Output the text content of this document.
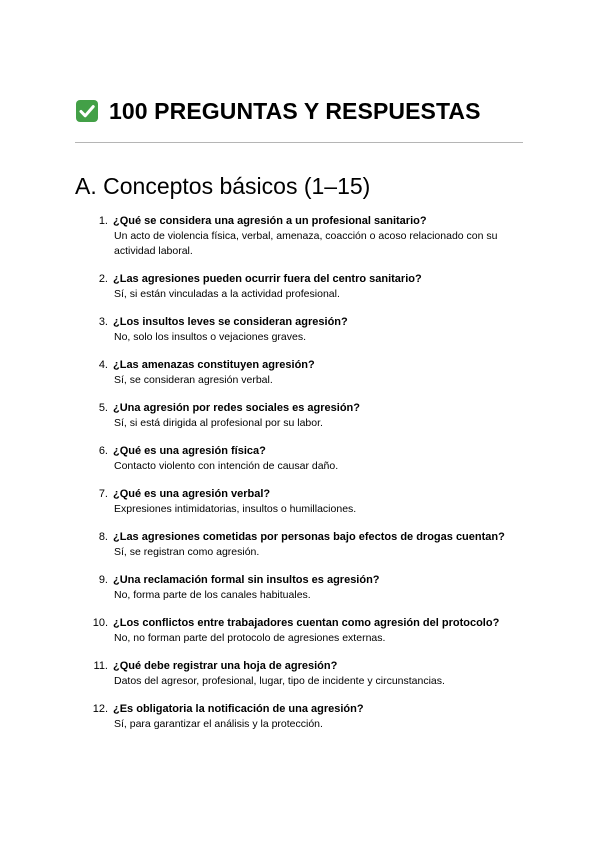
100 PREGUNTAS Y RESPUESTAS
A. Conceptos básicos (1–15)
1. ¿Qué se considera una agresión a un profesional sanitario?
Un acto de violencia física, verbal, amenaza, coacción o acoso relacionado con su actividad laboral.
2. ¿Las agresiones pueden ocurrir fuera del centro sanitario?
Sí, si están vinculadas a la actividad profesional.
3. ¿Los insultos leves se consideran agresión?
No, solo los insultos o vejaciones graves.
4. ¿Las amenazas constituyen agresión?
Sí, se consideran agresión verbal.
5. ¿Una agresión por redes sociales es agresión?
Sí, si está dirigida al profesional por su labor.
6. ¿Qué es una agresión física?
Contacto violento con intención de causar daño.
7. ¿Qué es una agresión verbal?
Expresiones intimidatorias, insultos o humillaciones.
8. ¿Las agresiones cometidas por personas bajo efectos de drogas cuentan?
Sí, se registran como agresión.
9. ¿Una reclamación formal sin insultos es agresión?
No, forma parte de los canales habituales.
10. ¿Los conflictos entre trabajadores cuentan como agresión del protocolo?
No, no forman parte del protocolo de agresiones externas.
11. ¿Qué debe registrar una hoja de agresión?
Datos del agresor, profesional, lugar, tipo de incidente y circunstancias.
12. ¿Es obligatoria la notificación de una agresión?
Sí, para garantizar el análisis y la protección.
